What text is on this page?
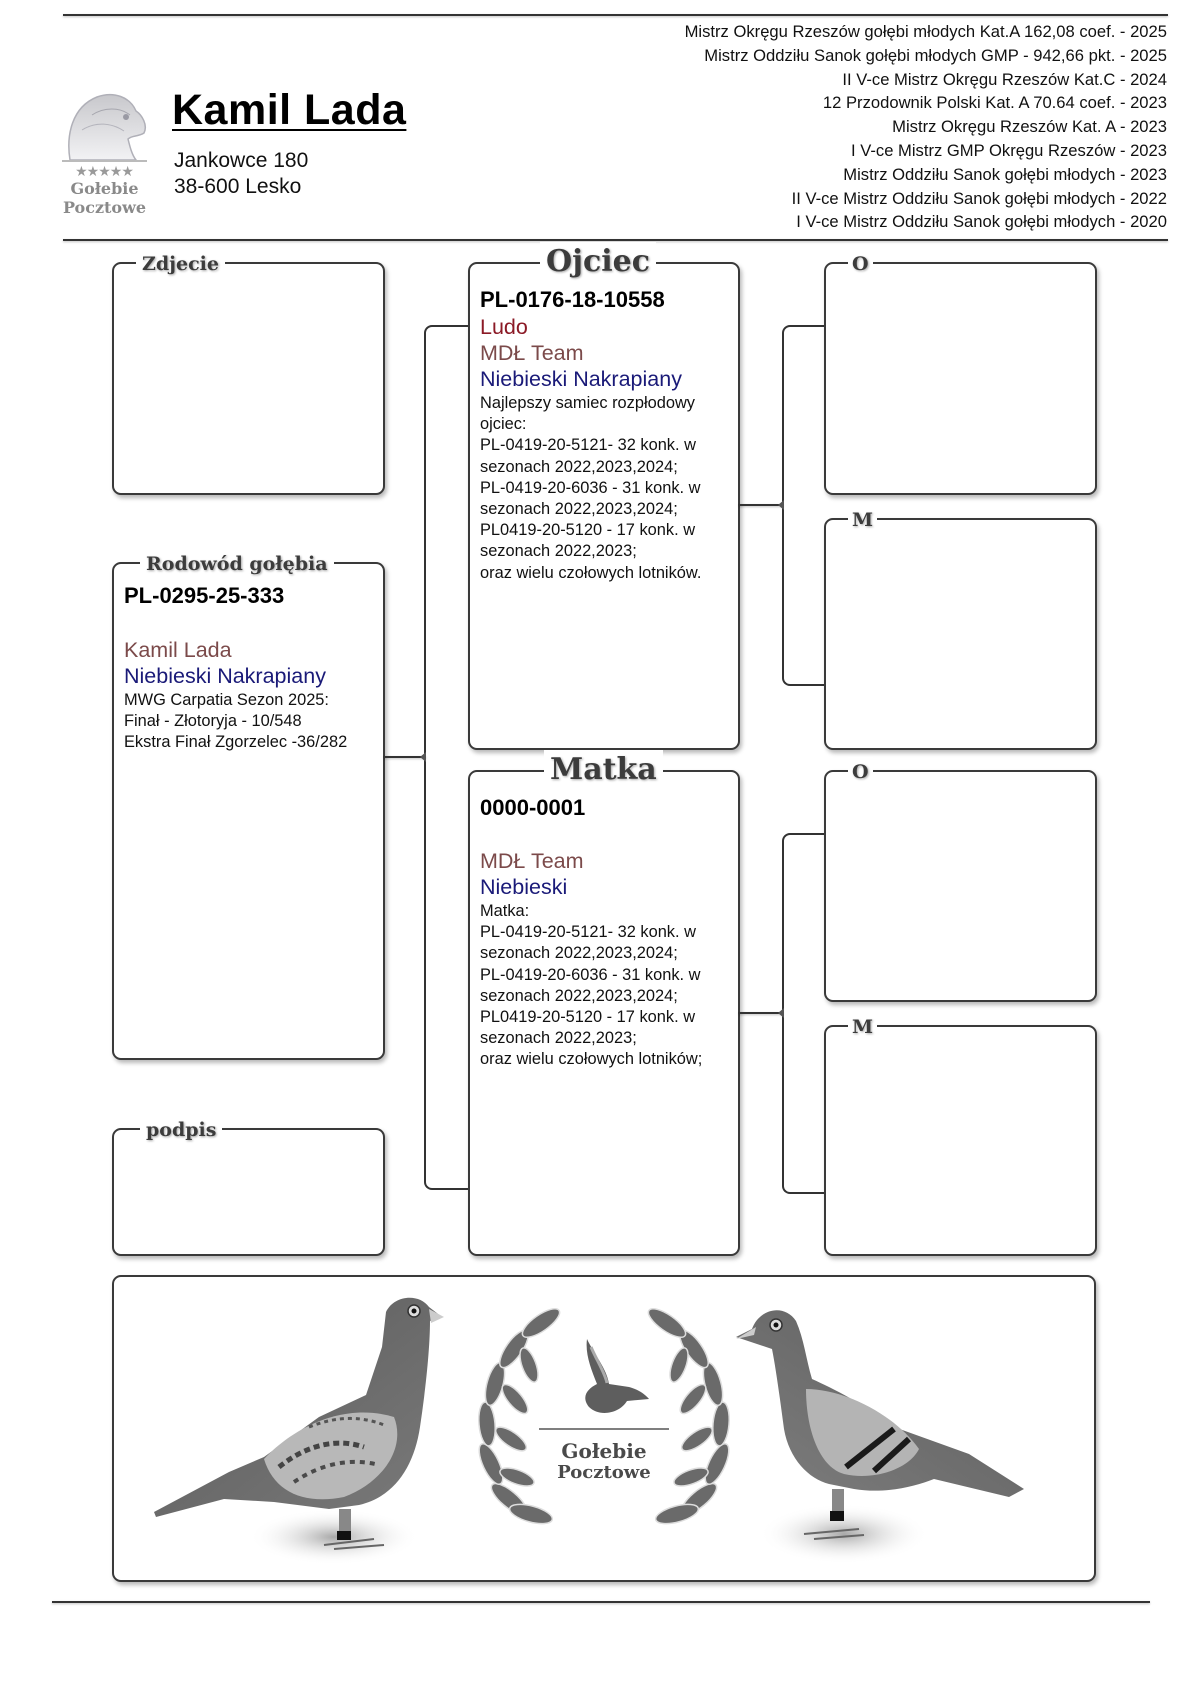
★★★★★
Gołebie
Pocztowe
Kamil Lada
Jankowce 180
38-600 Lesko
Mistrz Okręgu Rzeszów gołębi młodych Kat.A 162,08 coef. - 2025
Mistrz Oddziłu Sanok gołębi młodych GMP - 942,66 pkt. - 2025
II V-ce Mistrz Okręgu Rzeszów Kat.C - 2024
12 Przodownik Polski Kat. A 70.64 coef. - 2023
Mistrz Okręgu Rzeszów Kat. A - 2023
I V-ce Mistrz GMP Okręgu Rzeszów - 2023
Mistrz Oddziłu Sanok gołębi młodych - 2023
II V-ce Mistrz Oddziłu Sanok gołębi młodych - 2022
I V-ce Mistrz Oddziłu Sanok gołębi młodych - 2020
Zdjecie
Rodowód gołębia
PL-0295-25-333
Kamil Lada
Niebieski Nakrapiany
MWG Carpatia Sezon 2025:
Finał - Złotoryja - 10/548
Ekstra Finał Zgorzelec -36/282
podpis
Ojciec
PL-0176-18-10558
Ludo
MDŁ Team
Niebieski Nakrapiany
Najlepszy samiec rozpłodowy
ojciec:
PL-0419-20-5121- 32 konk. w
sezonach 2022,2023,2024;
PL-0419-20-6036 - 31 konk. w
sezonach 2022,2023,2024;
PL0419-20-5120 - 17 konk. w
sezonach 2022,2023;
oraz wielu czołowych lotników.
Matka
0000-0001
MDŁ Team
Niebieski
Matka:
PL-0419-20-5121- 32 konk. w
sezonach 2022,2023,2024;
PL-0419-20-6036 - 31 konk. w
sezonach 2022,2023,2024;
PL0419-20-5120 - 17 konk. w
sezonach 2022,2023;
oraz wielu czołowych lotników;
O
M
O
M
Gołebie
Pocztowe
